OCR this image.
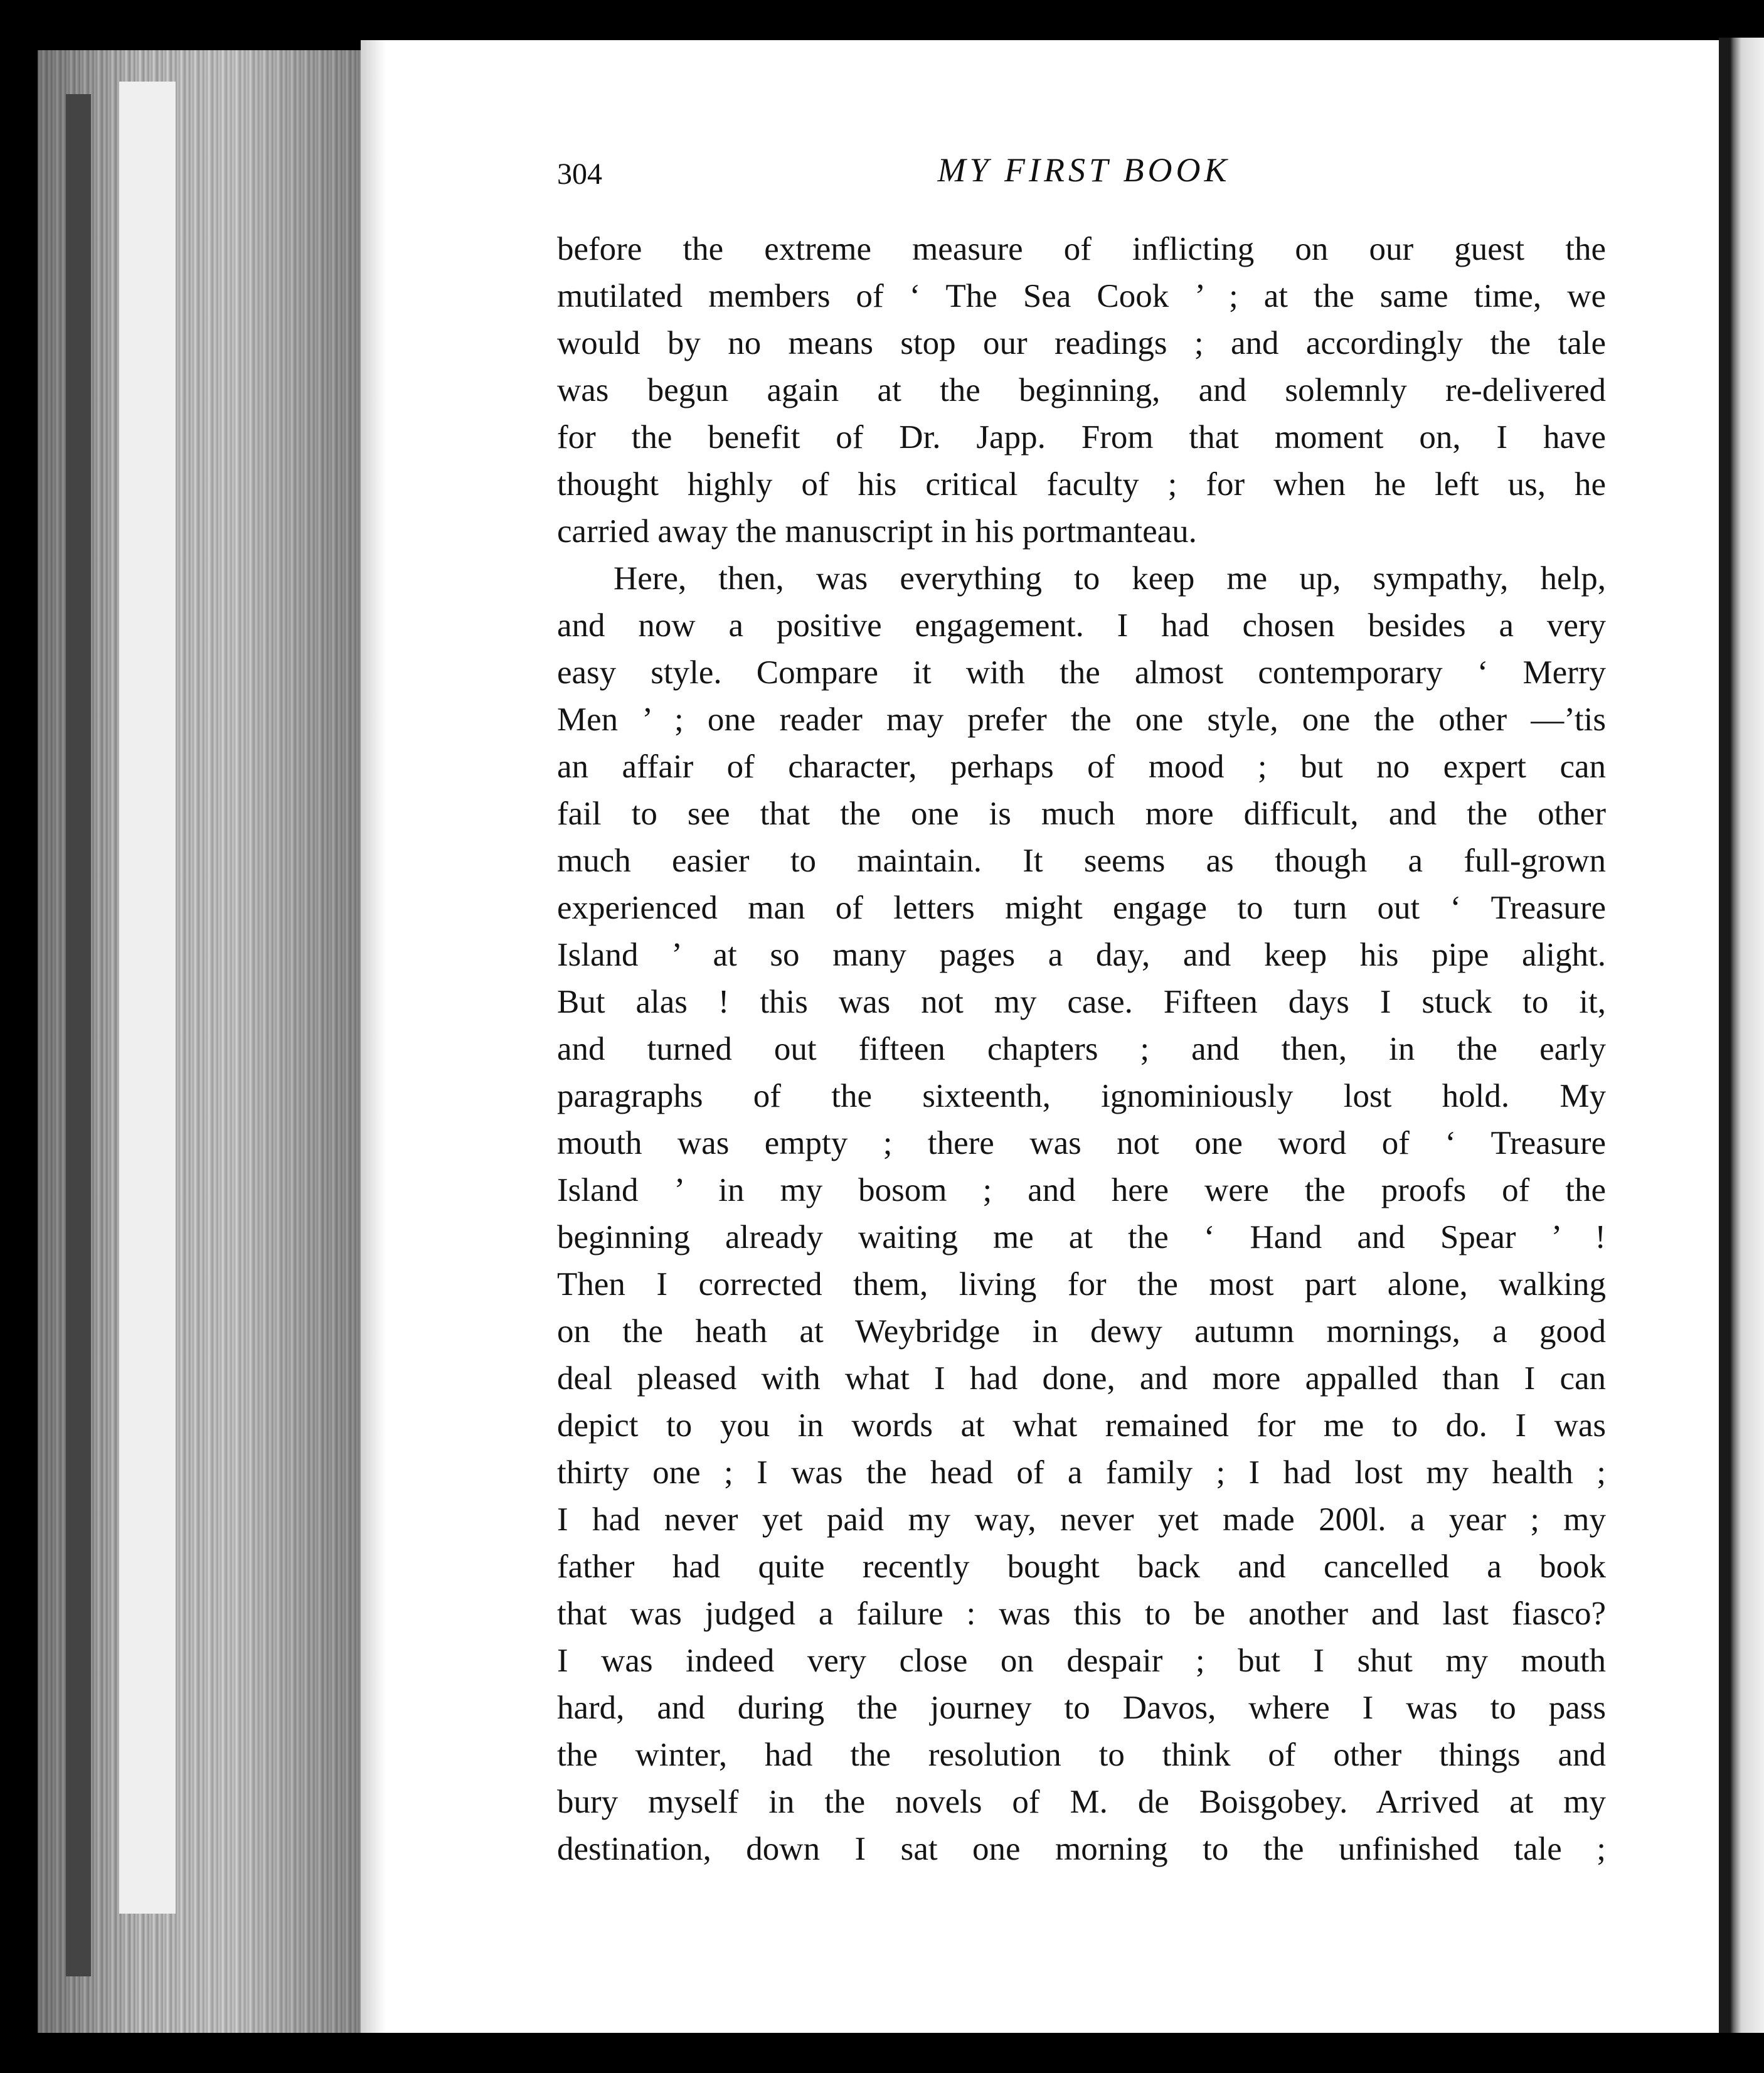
304	MY FIRST BOOK
before the extreme measure of inflicting on our guest the
mutilated members of ‘ The Sea Cook ’ ; at the same time, we
would by no means stop our readings ; and accordingly the tale
was begun again at the beginning, and solemnly re-delivered
for the benefit of Dr. Japp. From that moment on, I have
thought highly of his critical faculty ; for when he left us, he
carried away the manuscript in his portmanteau.
Here, then, was everything to keep me up, sympathy, help,
and now a positive engagement. I had chosen besides a very
easy style. Compare it with the almost contemporary ‘ Merry
Men ’ ; one reader may prefer the one style, one the other —’tis
an affair of character, perhaps of mood ; but no expert can
fail to see that the one is much more difficult, and the other
much easier to maintain. It seems as though a full-grown
experienced man of letters might engage to turn out ‘ Treasure
Island ’ at so many pages a day, and keep his pipe alight.
But alas ! this was not my case. Fifteen days I stuck to it,
and turned out fifteen chapters ; and then, in the early
paragraphs of the sixteenth, ignominiously lost hold. My
mouth was empty ; there was not one word of ‘ Treasure
Island ’ in my bosom ; and here were the proofs of the
beginning already waiting me at the ‘ Hand and Spear ’ !
Then I corrected them, living for the most part alone, walking
on the heath at Weybridge in dewy autumn mornings, a good
deal pleased with what I had done, and more appalled than I can
depict to you in words at what remained for me to do. I was
thirty one ; I was the head of a family ; I had lost my health ;
I had never yet paid my way, never yet made 200l. a year ; my
father had quite recently bought back and cancelled a book
that was judged a failure : was this to be another and last fiasco?
I was indeed very close on despair ; but I shut my mouth
hard, and during the journey to Davos, where I was to pass
the winter, had the resolution to think of other things and
bury myself in the novels of M. de Boisgobey. Arrived at my
destination, down I sat one morning to the unfinished tale ;
